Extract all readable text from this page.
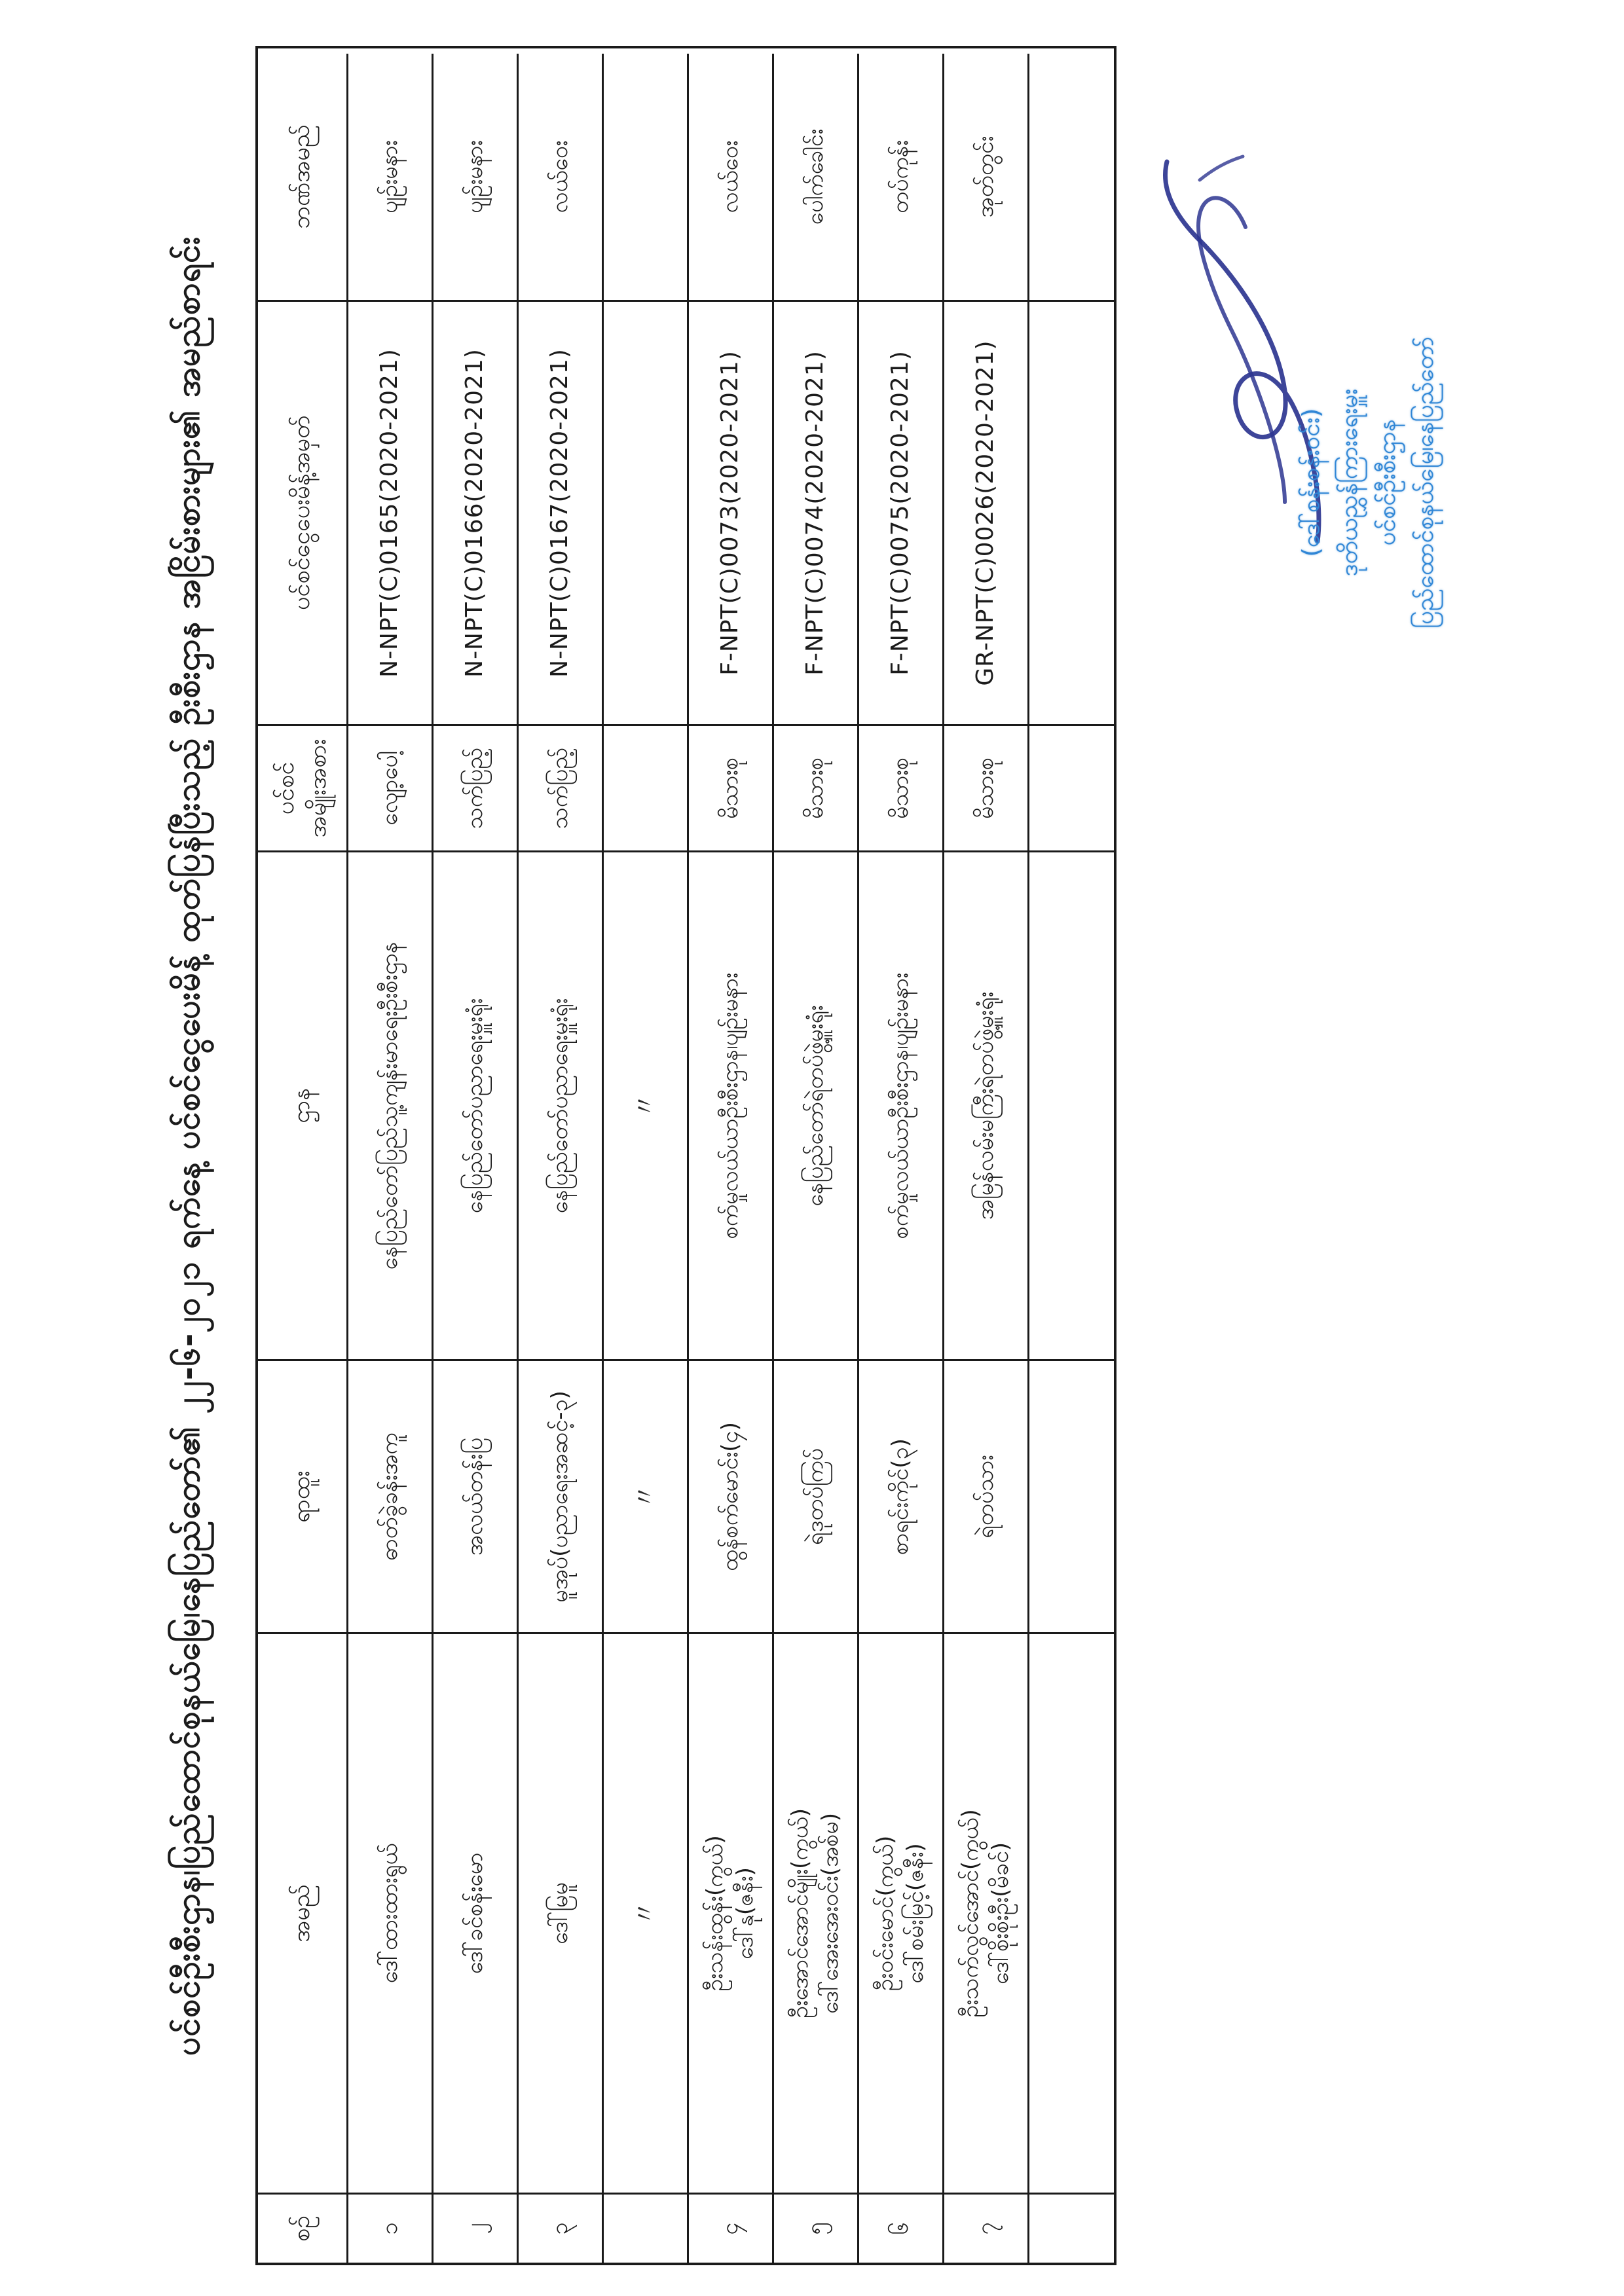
ပင်စင်ဦးစီးဌာန၊ပြည်ထောင်စုနယ်မြေ၊နေပြည်တော်၏ ၂၂-၆-၂၀၂၁ ရက်နေ့ ပင်စင်ငွေပေးမိန့် ထုတ်ပြန်ပြီးသည့် ဦးစီးဌာန အငြိမ်းစားများ၏ အမည်စာရင်း
စဉ်
အမည်
ရာထူး
ဌာန
ပင်စင် အမျိုးအစား
ပင်စင်ငွေပေးမိန့်အမှတ်
ဘဏ်အမည်
၁
ဒေါ်ထားထားရွယ်
ဓာတ်ခွဲခန်းအကူ
နေပြည်တော်ပြည်သူ့ကျန်းမာရေးဦးစီးဌာန
လျော့ပေါ့
N-NPT(C)0165(2020-2021)
ပျဉ်းမနား
၂
ဒေါ်ခင်စန်းမော
အလယ်တန်းပြ
နေပြည်တော်ပညာရေးမှူးရုံး
သက်ပြည့်
N-NPT(C)0166(2020-2021)
ပျဉ်းမနား
၃
ဒေါ်မြမူ
မူအုပ်(ပညာရေးအဆင့်-၃)
နေပြည်တော်ပညာရေးမှူးရုံး
သက်ပြည့်
N-NPT(C)0167(2020-2021)
လယ်ဝေး
〃
〃
〃
၄
ဦးသန်းထွန်း(ကွယ်) ဒေါ်နု(ဇနီး)
ထွန်စက်မောင်း(၄)
စက်မှုလယ်ယာဦးစီးဌာန၊ပျဉ်းမနား
မိသားစု
F-NPT(C)0073(2020-2021)
လယ်ဝေး
၅
ဦးအောင်အောင်မျိုး(ကွယ်) ဒေါ်အေးအေးဝင်း(အစ်မ)
ရဲဒုတပ်ကြပ်
နေပြည်တော်ရဲတပ်ဖွဲ့မှူးရုံး
မိသားစု
F-NPT(C)0074(2020-2021)
ပေါက်ခေါင်း
၆
ဦးဝင်းမောင်(ကွယ်) ဒေါ်စမ်းမြင့်(ဇနီး)
စာရင်းကိုင်(၃)
စက်မှုလယ်ယာဦးစီးဌာန၊ပျဉ်းမနား
မိသားစု
F-NPT(C)0075(2020-2021)
တပ်ကုန်း
၇
ဦးသက်လွင်အောင်(ကွယ်) ဒေါ်စိုးစိုးဦး(မိခင်)
ရဲတပ်သား
အမြန်လမ်းမကြီးရဲတပ်ဖွဲ့မှူးရုံး
မိသားစု
GR-NPT(C)0026(2020-2021)
အုတ်တွင်း
(ဒေါ်စန်းစန်းဝင်း) ဒုတိယညွှန်ကြားရေးမှူး ပင်စင်ဦးစီးဌာန ပြည်ထောင်စုနယ်မြေ၊နေပြည်တော်
